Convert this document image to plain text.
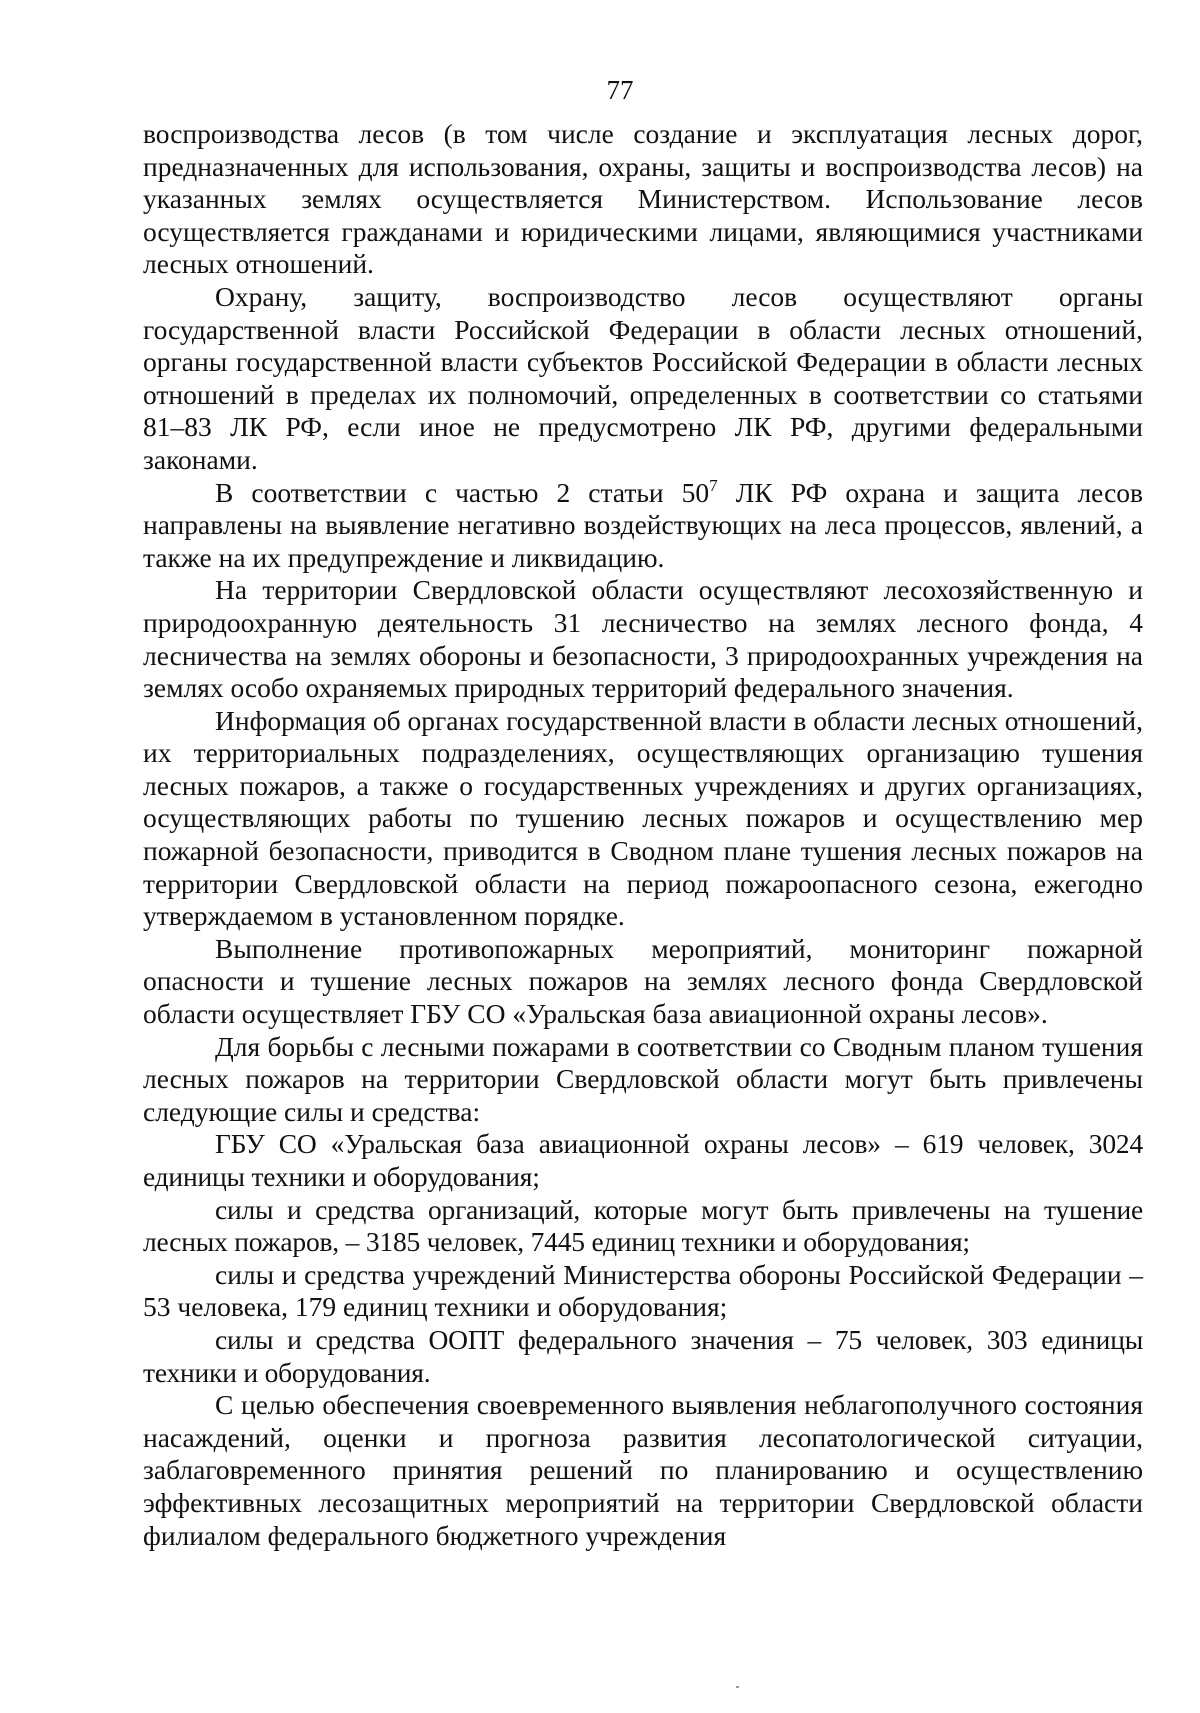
77

воспроизводства лесов (в том числе создание и эксплуатация лесных дорог, предназначенных для использования, охраны, защиты и воспроизводства лесов) на указанных землях осуществляется Министерством. Использование лесов осуществляется гражданами и юридическими лицами, являющимися участниками лесных отношений.

Охрану, защиту, воспроизводство лесов осуществляют органы государственной власти Российской Федерации в области лесных отношений, органы государственной власти субъектов Российской Федерации в области лесных отношений в пределах их полномочий, определенных в соответствии со статьями 81–83 ЛК РФ, если иное не предусмотрено ЛК РФ, другими федеральными законами.

В соответствии с частью 2 статьи $50^7$ ЛК РФ охрана и защита лесов направлены на выявление негативно воздействующих на леса процессов, явлений, а также на их предупреждение и ликвидацию.

На территории Свердловской области осуществляют лесохозяйственную и природоохранную деятельность 31 лесничество на землях лесного фонда, 4 лесничества на землях обороны и безопасности, 3 природоохранных учреждения на землях особо охраняемых природных территорий федерального значения.

Информация об органах государственной власти в области лесных отношений, их территориальных подразделениях, осуществляющих организацию тушения лесных пожаров, а также о государственных учреждениях и других организациях, осуществляющих работы по тушению лесных пожаров и осуществлению мер пожарной безопасности, приводится в Сводном плане тушения лесных пожаров на территории Свердловской области на период пожароопасного сезона, ежегодно утверждаемом в установленном порядке.

Выполнение противопожарных мероприятий, мониторинг пожарной опасности и тушение лесных пожаров на землях лесного фонда Свердловской области осуществляет ГБУ СО «Уральская база авиационной охраны лесов».

Для борьбы с лесными пожарами в соответствии со Сводным планом тушения лесных пожаров на территории Свердловской области могут быть привлечены следующие силы и средства:

ГБУ СО «Уральская база авиационной охраны лесов» – 619 человек, 3024 единицы техники и оборудования;

силы и средства организаций, которые могут быть привлечены на тушение лесных пожаров, – 3185 человек, 7445 единиц техники и оборудования;

силы и средства учреждений Министерства обороны Российской Федерации – 53 человека, 179 единиц техники и оборудования;

силы и средства ООПТ федерального значения – 75 человек, 303 единицы техники и оборудования.

С целью обеспечения своевременного выявления неблагополучного состояния насаждений, оценки и прогноза развития лесопатологической ситуации, заблаговременного принятия решений по планированию и осуществлению эффективных лесозащитных мероприятий на территории Свердловской области филиалом федерального бюджетного учреждения
